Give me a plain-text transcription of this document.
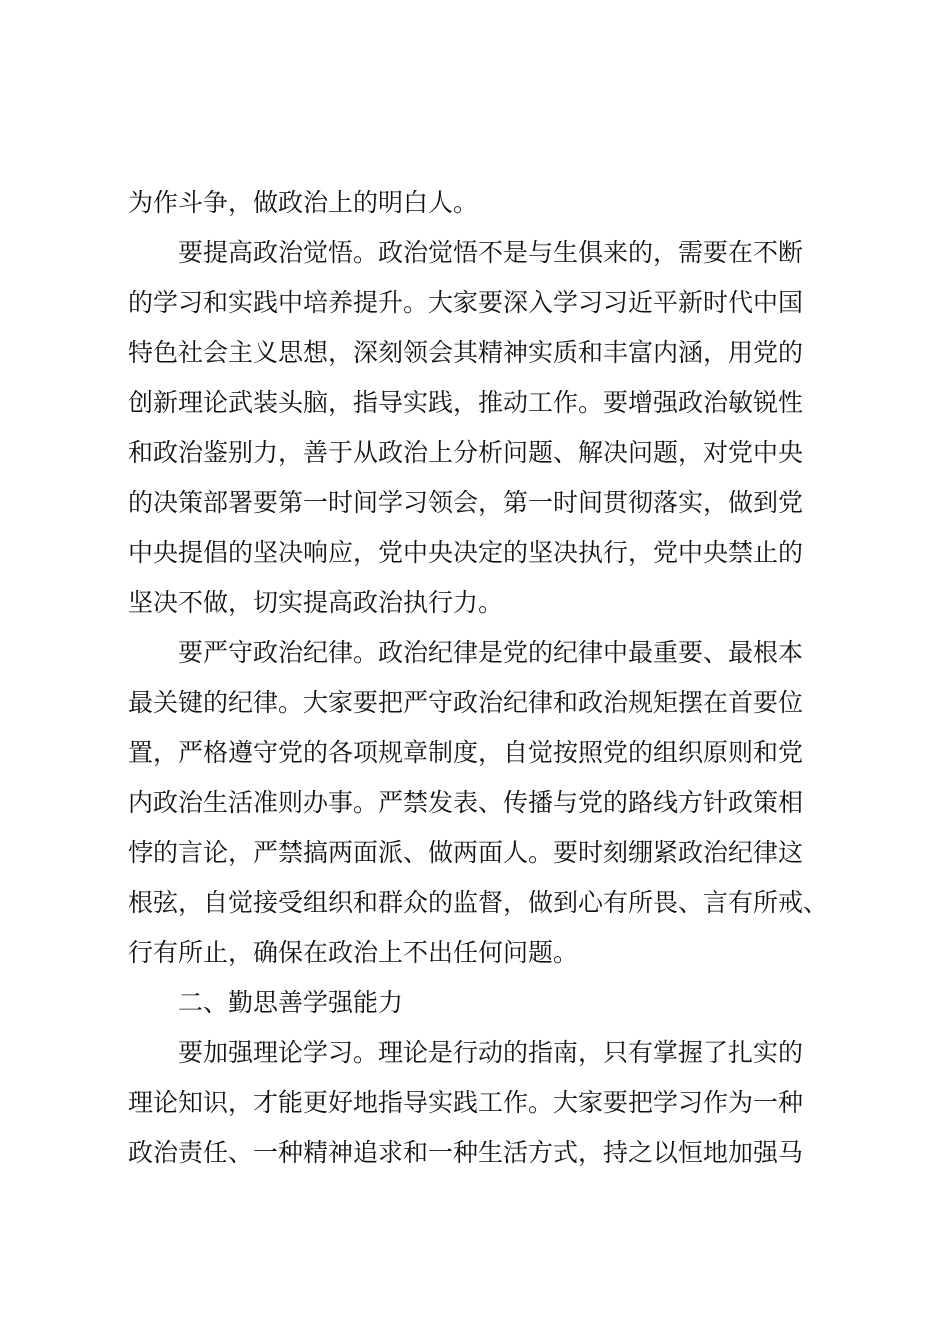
为作斗争，做政治上的明白人。
要提高政治觉悟。政治觉悟不是与生俱来的，需要在不断
的学习和实践中培养提升。大家要深入学习习近平新时代中国
特色社会主义思想，深刻领会其精神实质和丰富内涵，用党的
创新理论武装头脑，指导实践，推动工作。要增强政治敏锐性
和政治鉴别力，善于从政治上分析问题、解决问题，对党中央
的决策部署要第一时间学习领会，第一时间贯彻落实，做到党
中央提倡的坚决响应，党中央决定的坚决执行，党中央禁止的
坚决不做，切实提高政治执行力。
要严守政治纪律。政治纪律是党的纪律中最重要、最根本
最关键的纪律。大家要把严守政治纪律和政治规矩摆在首要位
置，严格遵守党的各项规章制度，自觉按照党的组织原则和党
内政治生活准则办事。严禁发表、传播与党的路线方针政策相
悖的言论，严禁搞两面派、做两面人。要时刻绷紧政治纪律这
根弦，自觉接受组织和群众的监督，做到心有所畏、言有所戒、
行有所止，确保在政治上不出任何问题。
二、勤思善学强能力
要加强理论学习。理论是行动的指南，只有掌握了扎实的
理论知识，才能更好地指导实践工作。大家要把学习作为一种
政治责任、一种精神追求和一种生活方式，持之以恒地加强马
